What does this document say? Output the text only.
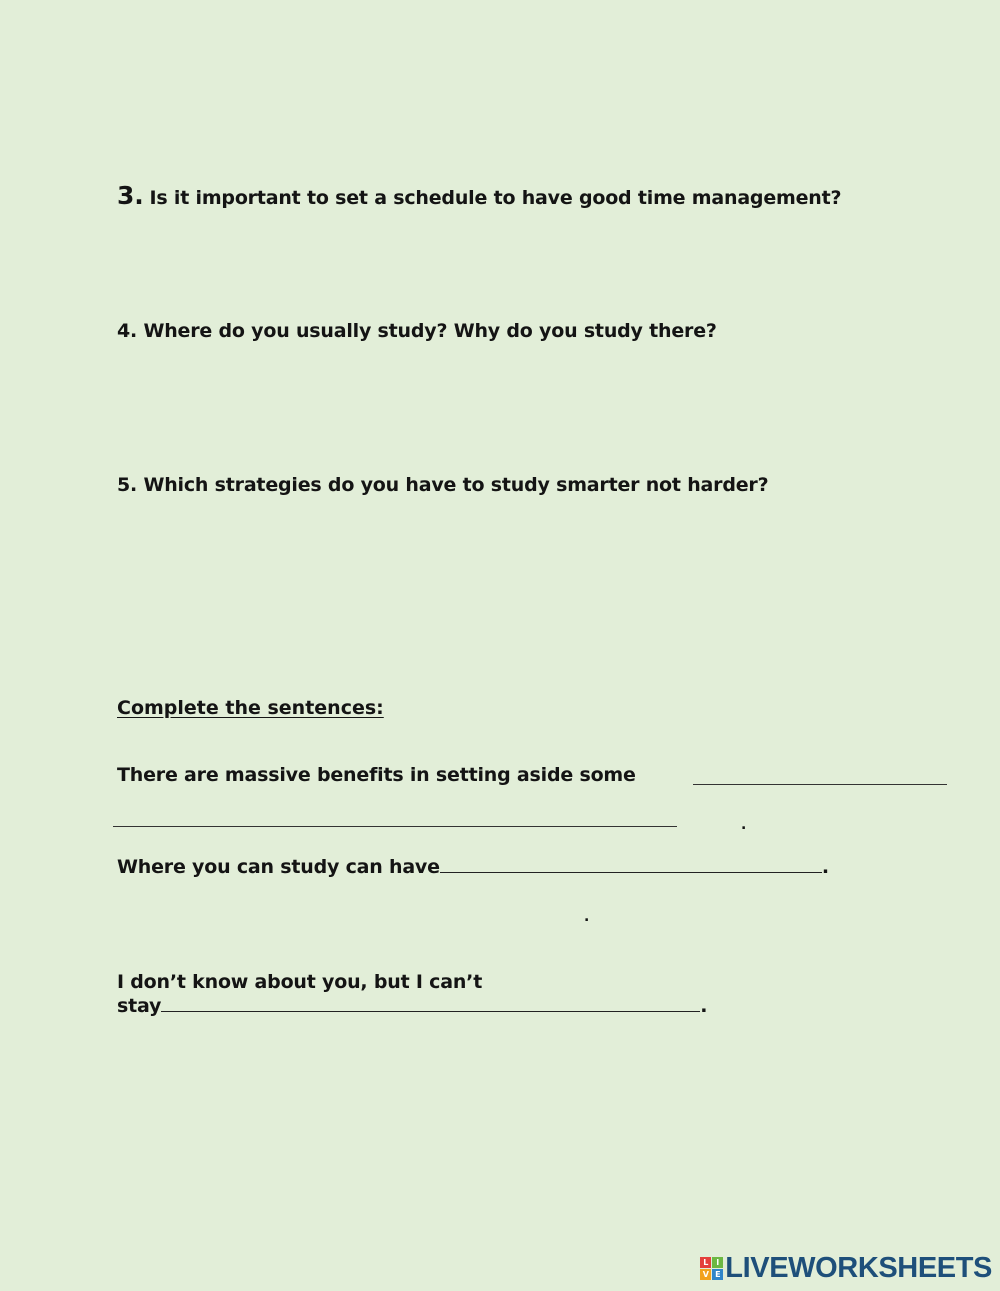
3. Is it important to set a schedule to have good time management?
4. Where do you usually study? Why do you study there?
5. Which strategies do you have to study smarter not harder?
Complete the sentences:
There are massive benefits in setting aside some
.
Where you can study can have	.
.
I don’t know about you, but I can’t
stay	.
L I
V E LIVEWORKSHEETS
